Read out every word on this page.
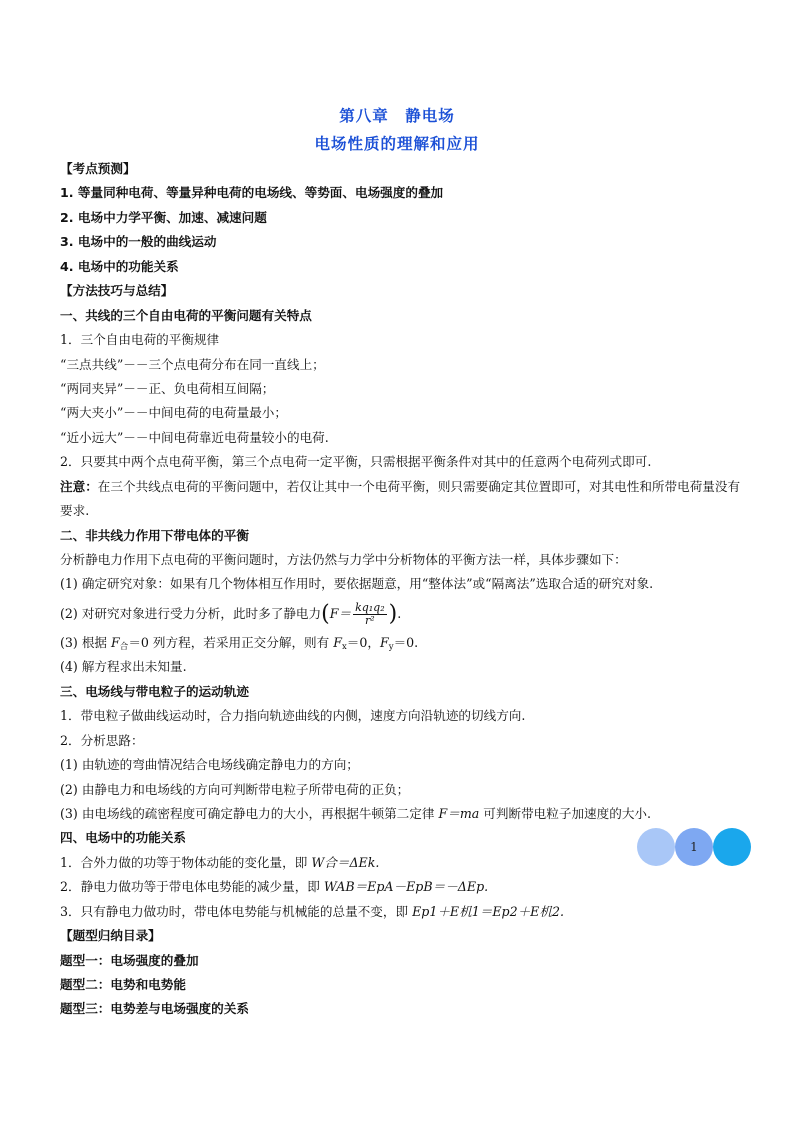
第八章　静电场
电场性质的理解和应用
【考点预测】
1. 等量同种电荷、等量异种电荷的电场线、等势面、电场强度的叠加
2. 电场中力学平衡、加速、减速问题
3. 电场中的一般的曲线运动
4. 电场中的功能关系
【方法技巧与总结】
一、共线的三个自由电荷的平衡问题有关特点
1．三个自由电荷的平衡规律
“三点共线”－－三个点电荷分布在同一直线上；
“两同夹异”－－正、负电荷相互间隔；
“两大夹小”－－中间电荷的电荷量最小；
“近小远大”－－中间电荷靠近电荷量较小的电荷.
2．只要其中两个点电荷平衡，第三个点电荷一定平衡，只需根据平衡条件对其中的任意两个电荷列式即可.
注意：在三个共线点电荷的平衡问题中，若仅让其中一个电荷平衡，则只需要确定其位置即可，对其电性和所带电荷量没有要求.
二、非共线力作用下带电体的平衡
分析静电力作用下点电荷的平衡问题时，方法仍然与力学中分析物体的平衡方法一样，具体步骤如下：
(1) 确定研究对象：如果有几个物体相互作用时，要依据题意，用“整体法”或“隔离法”选取合适的研究对象.
(2) 对研究对象进行受力分析，此时多了静电力($F= \frac{\text{kq₁q₂}}{\text{r²}}$ ).
(3) 根据 $F_合=0$ 列方程，若采用正交分解，则有 $F_x=0$，$F_y=0$.
(4) 解方程求出未知量.
三、电场线与带电粒子的运动轨迹
1．带电粒子做曲线运动时，合力指向轨迹曲线的内侧，速度方向沿轨迹的切线方向.
2．分析思路：
(1) 由轨迹的弯曲情况结合电场线确定静电力的方向；
(2) 由静电力和电场线的方向可判断带电粒子所带电荷的正负；
(3) 由电场线的疏密程度可确定静电力的大小，再根据牛顿第二定律 F＝ma 可判断带电粒子加速度的大小.
四、电场中的功能关系
1．合外力做的功等于物体动能的变化量，即 W合＝ΔEk.
2．静电力做功等于带电体电势能的减少量，即 WAB＝EpA－EpB＝－ΔEp.
3．只有静电力做功时，带电体电势能与机械能的总量不变，即 Ep1＋E机1＝Ep2＋E机2.
【题型归纳目录】
题型一：电场强度的叠加
题型二：电势和电势能
题型三：电势差与电场强度的关系
1
